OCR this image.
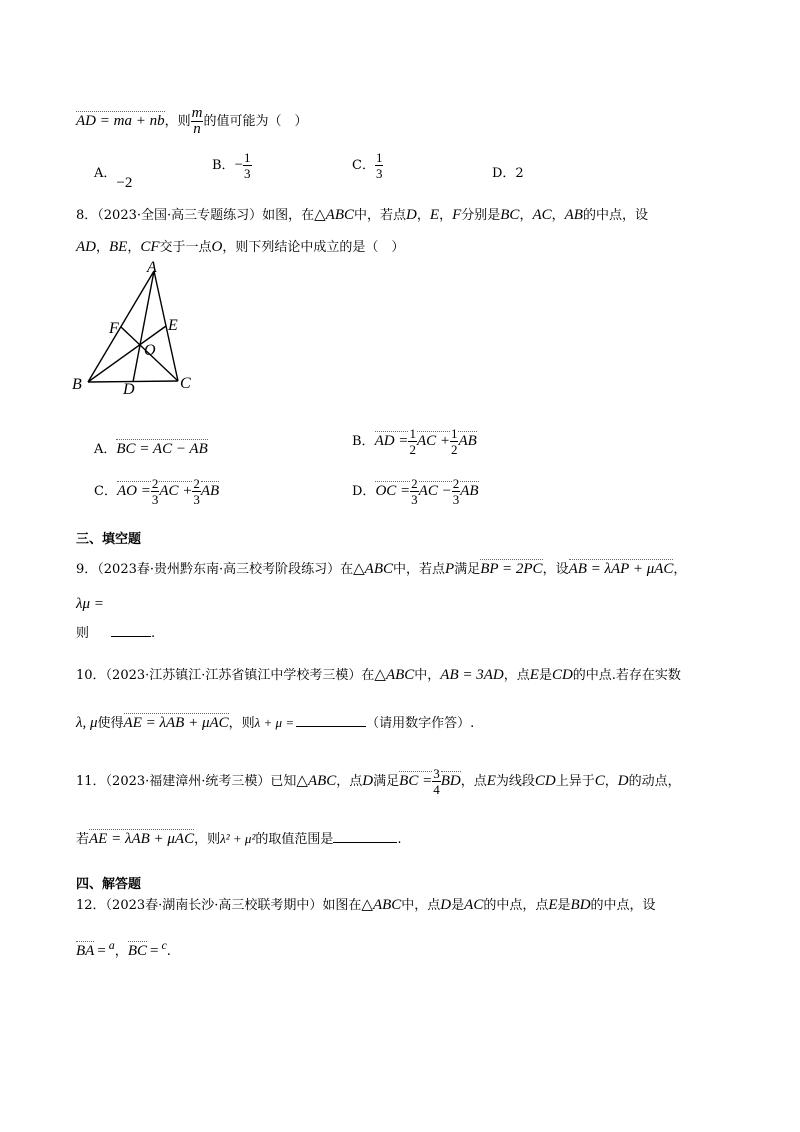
AD = ma + nb，则 $\frac{m}{n}$ 的值可能为（　）
A．−2
B．− $\frac{1}{3}$	C． $\frac{1}{3}$	D．2
8．（2023·全国·高三专题练习）如图，在△ABC中，若点D，E，F分别是BC，AC，AB的中点，设
AD，BE，CF交于一点O，则下列结论中成立的是（　）
A
B	C
E
F
O
D
A．BC = AC − AB	B．AD = $\frac{1}{2}$ AC + $\frac{1}{2}$ AB
C．AO = $\frac{2}{3}$ AC + $\frac{2}{3}$ AB	D．OC = $\frac{2}{3}$ AC − $\frac{2}{3}$ AB
三、填空题
9．（2023春·贵州黔东南·高三校考阶段练习）在△ABC中，若点P满足BP = 2PC，设AB = λAP + μAC，
λμ =
则	.
10．（2023·江苏镇江·江苏省镇江中学校考三模）在△ABC中，AB = 3AD，点E是CD的中点.若存在实数
λ, μ使得AE = λAB + μAC，则λ + μ =	（请用数字作答）.
11．（2023·福建漳州·统考三模）已知△ABC，点D满足BC = $\frac{3}{4}$ BD，点E为线段CD上异于C，D的动点，
若AE = λAB + μAC，则λ² + μ²的取值范围是	.
四、解答题
12．（2023春·湖南长沙·高三校联考期中）如图在△ABC中，点D是AC的中点，点E是BD的中点，设
BA = a，BC = c.
